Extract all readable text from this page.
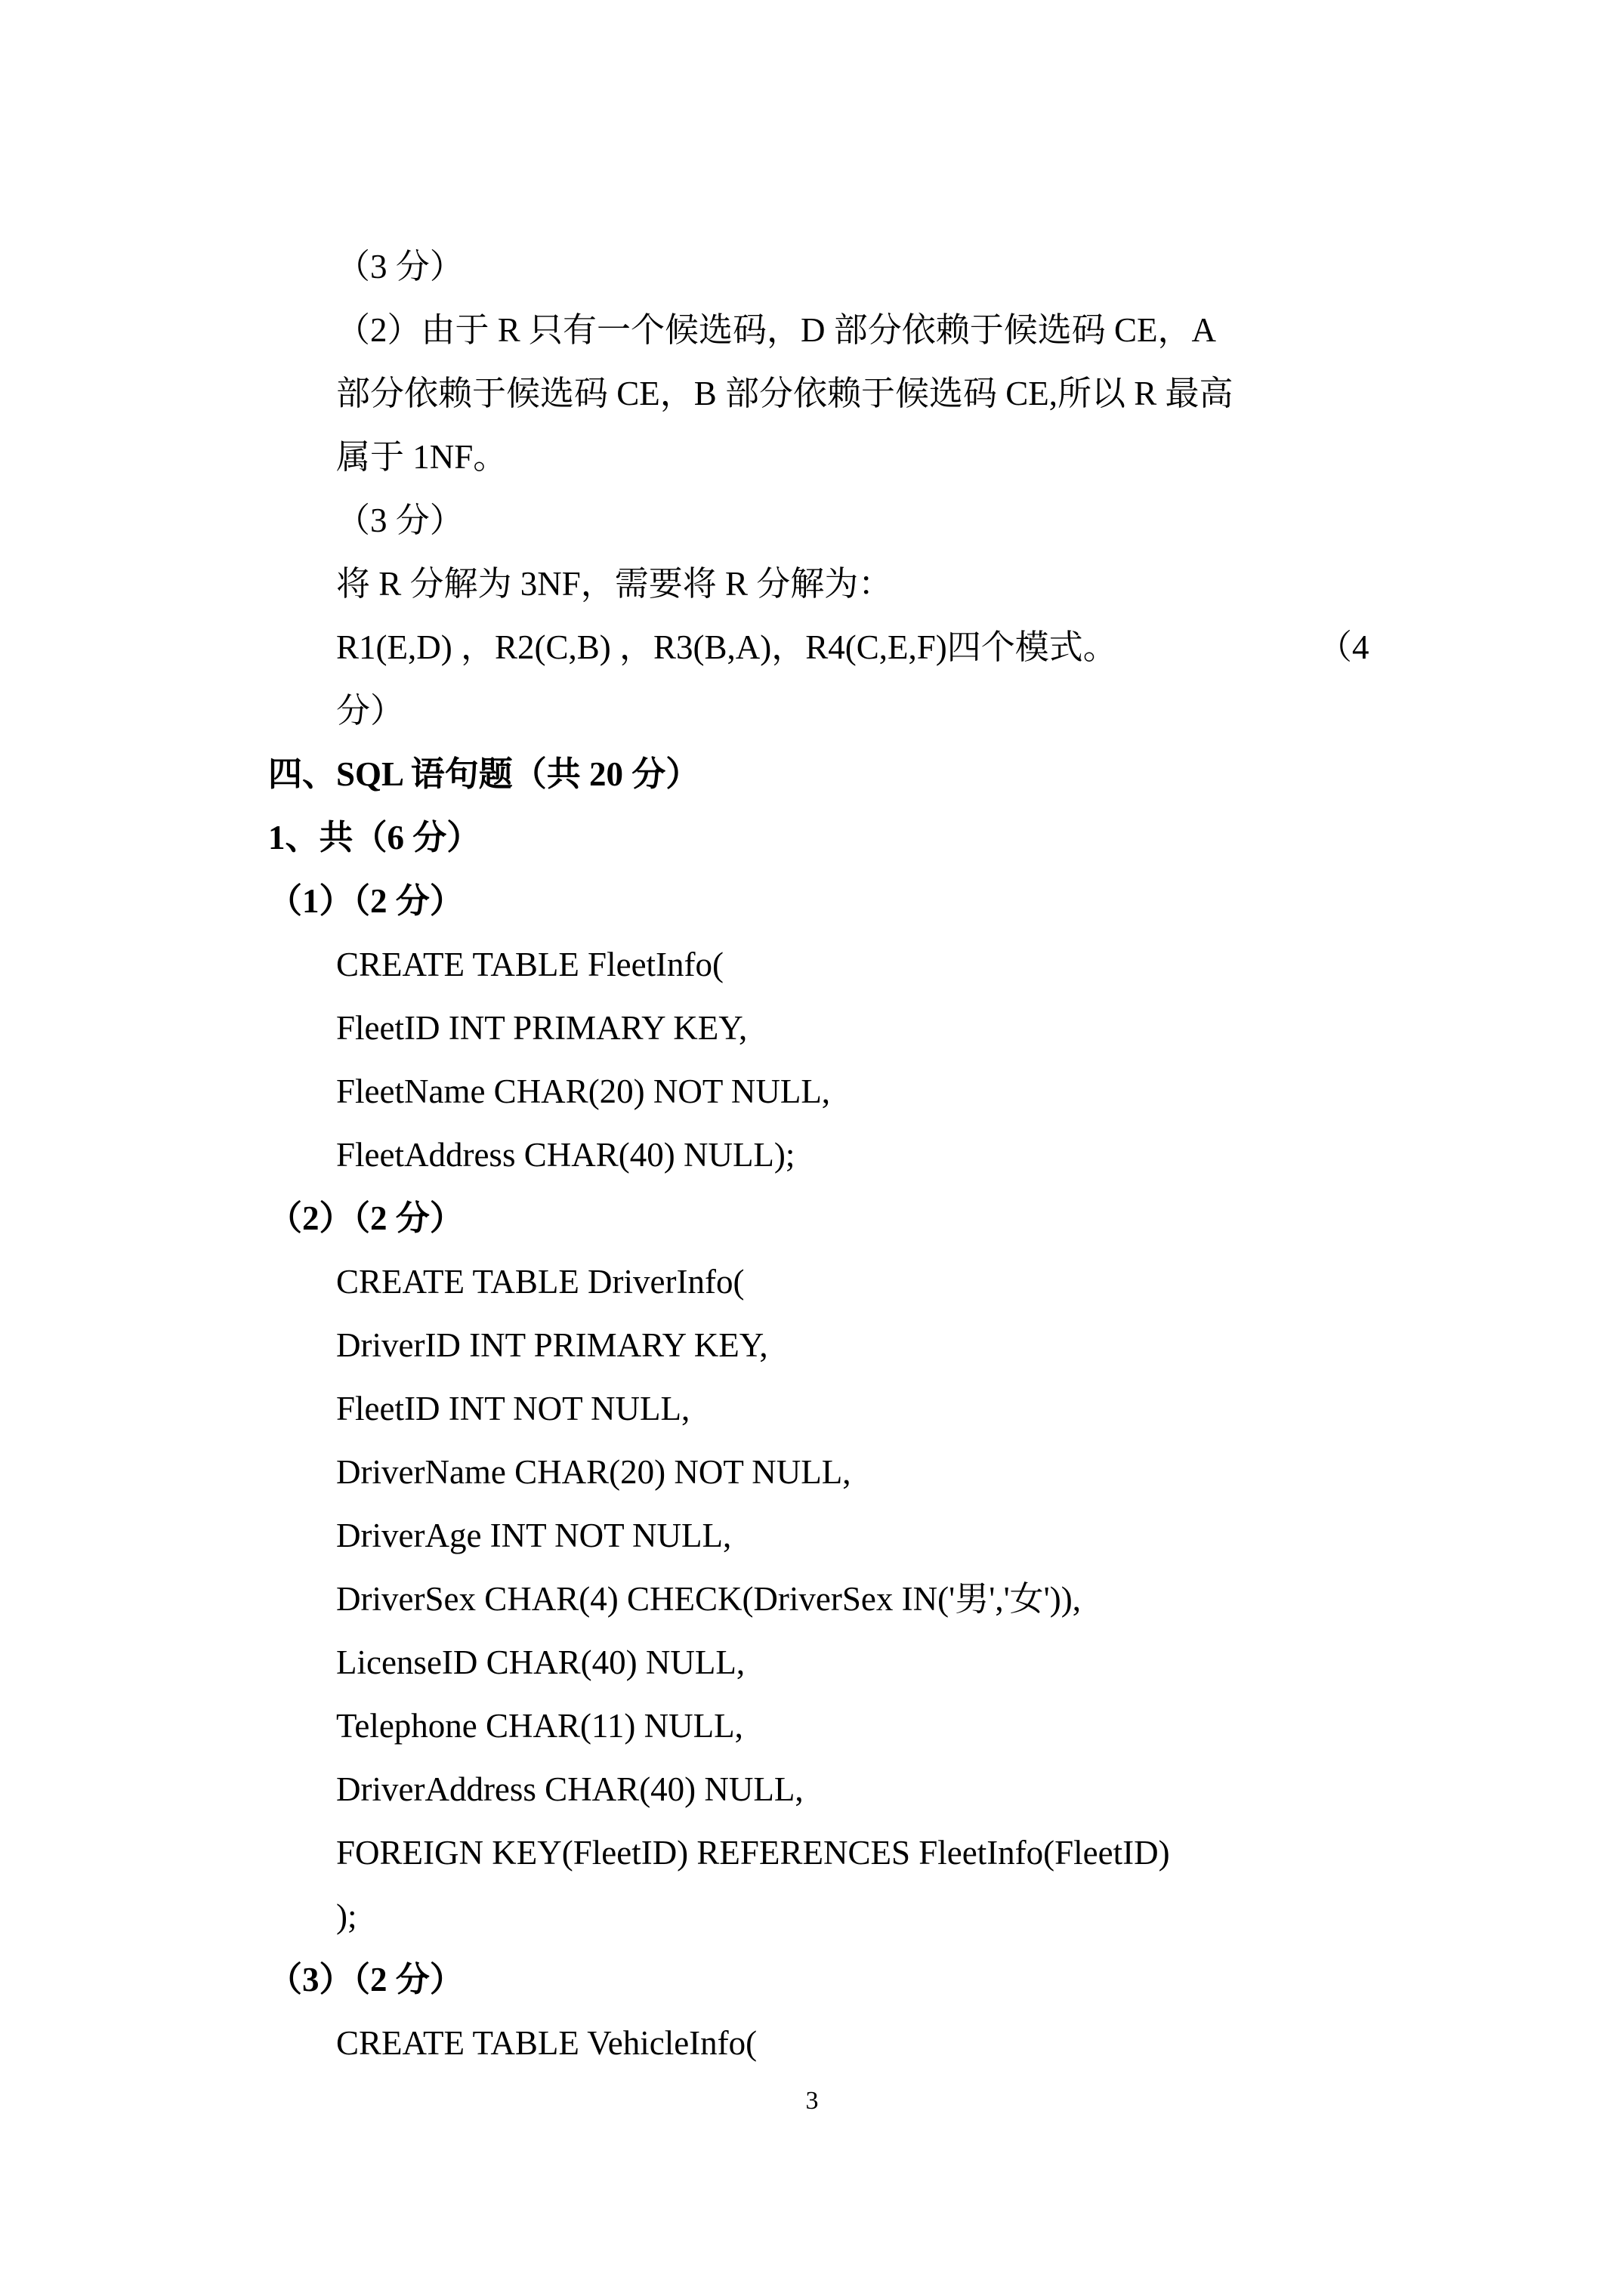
（3 分）
（2）由于 R 只有一个候选码，D 部分依赖于候选码 CE，A
部分依赖于候选码 CE，B 部分依赖于候选码 CE,所以 R 最高
属于 1NF。
（3 分）
将 R 分解为 3NF，需要将 R 分解为：
R1(E,D) ，R2(C,B) ，R3(B,A)，R4(C,E,F)四个模式。	（4
分）
四、SQL 语句题（共 20 分）
1、共（6 分）
（1）（2 分）
CREATE TABLE FleetInfo(
FleetID INT PRIMARY KEY,
FleetName CHAR(20) NOT NULL,
FleetAddress CHAR(40) NULL);
（2）（2 分）
CREATE TABLE DriverInfo(
DriverID INT PRIMARY KEY,
FleetID INT NOT NULL,
DriverName CHAR(20) NOT NULL,
DriverAge INT NOT NULL,
DriverSex CHAR(4) CHECK(DriverSex IN('男','女')),
LicenseID CHAR(40) NULL,
Telephone CHAR(11) NULL,
DriverAddress CHAR(40) NULL,
FOREIGN KEY(FleetID) REFERENCES FleetInfo(FleetID)
);
（3）（2 分）
CREATE TABLE VehicleInfo(
3
